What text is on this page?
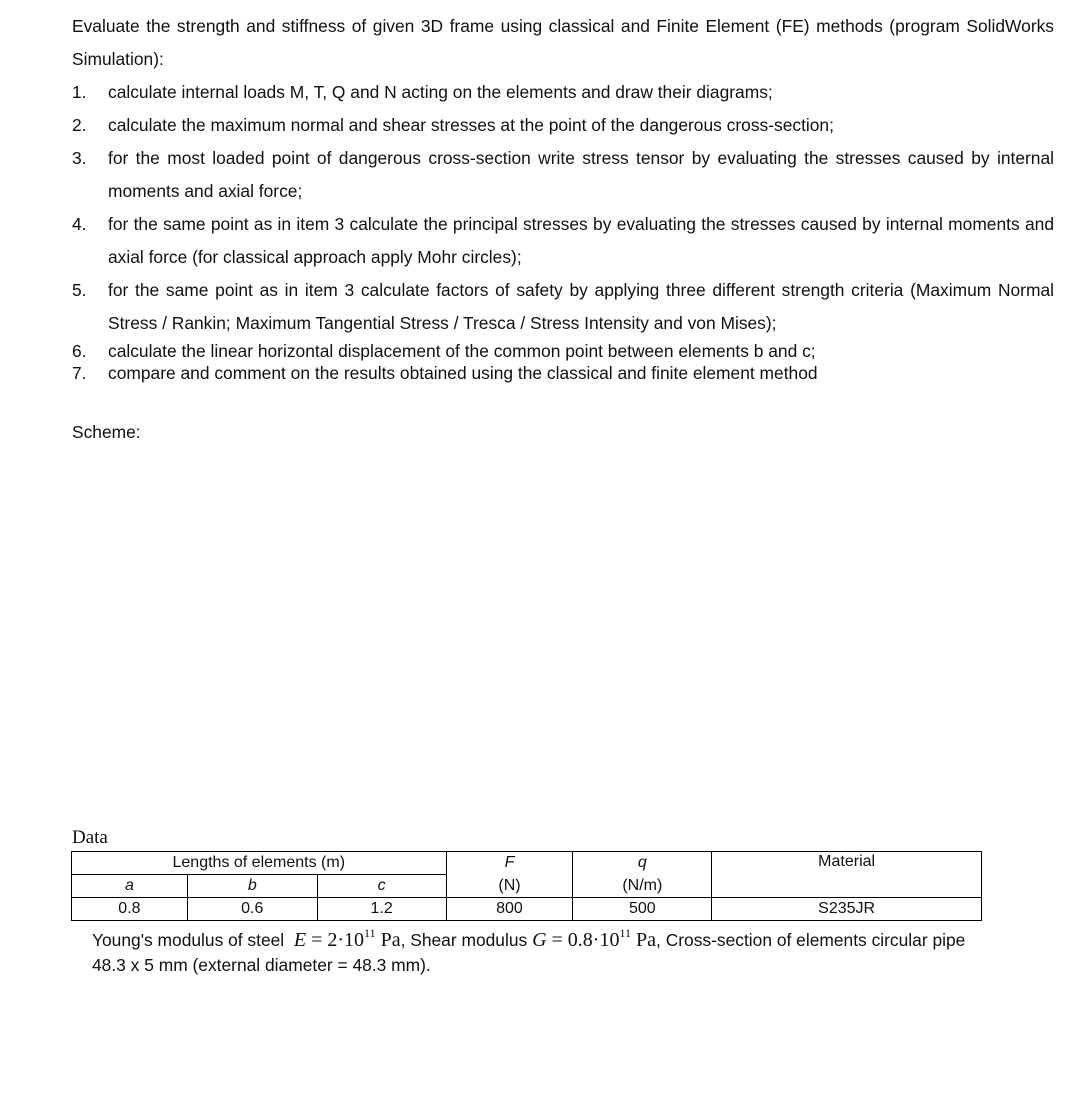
Evaluate the strength and stiffness of given 3D frame using classical and Finite Element (FE) methods (program SolidWorks Simulation):
1. calculate internal loads M, T, Q and N acting on the elements and draw their diagrams;
2. calculate the maximum normal and shear stresses at the point of the dangerous cross-section;
3. for the most loaded point of dangerous cross-section write stress tensor by evaluating the stresses caused by internal moments and axial force;
4. for the same point as in item 3 calculate the principal stresses by evaluating the stresses caused by internal moments and axial force (for classical approach apply Mohr circles);
5. for the same point as in item 3 calculate factors of safety by applying three different strength criteria (Maximum Normal Stress / Rankin; Maximum Tangential Stress / Tresca / Stress Intensity and von Mises);
6. calculate the linear horizontal displacement of the common point between elements b and c;
7. compare and comment on the results obtained using the classical and finite element method
Scheme:
Data
Lengths of elements (m)			F	q	Material
a	b	c	(N)	(N/m)	
0.8	0.6	1.2	800	500	S235JR
Young's modulus of steel $E = 2\cdot 10^{11}$ Pa, Shear modulus $G = 0.8\cdot 10^{11}$ Pa, Cross-section of elements circular pipe 48.3 x 5 mm (external diameter = 48.3 mm).
